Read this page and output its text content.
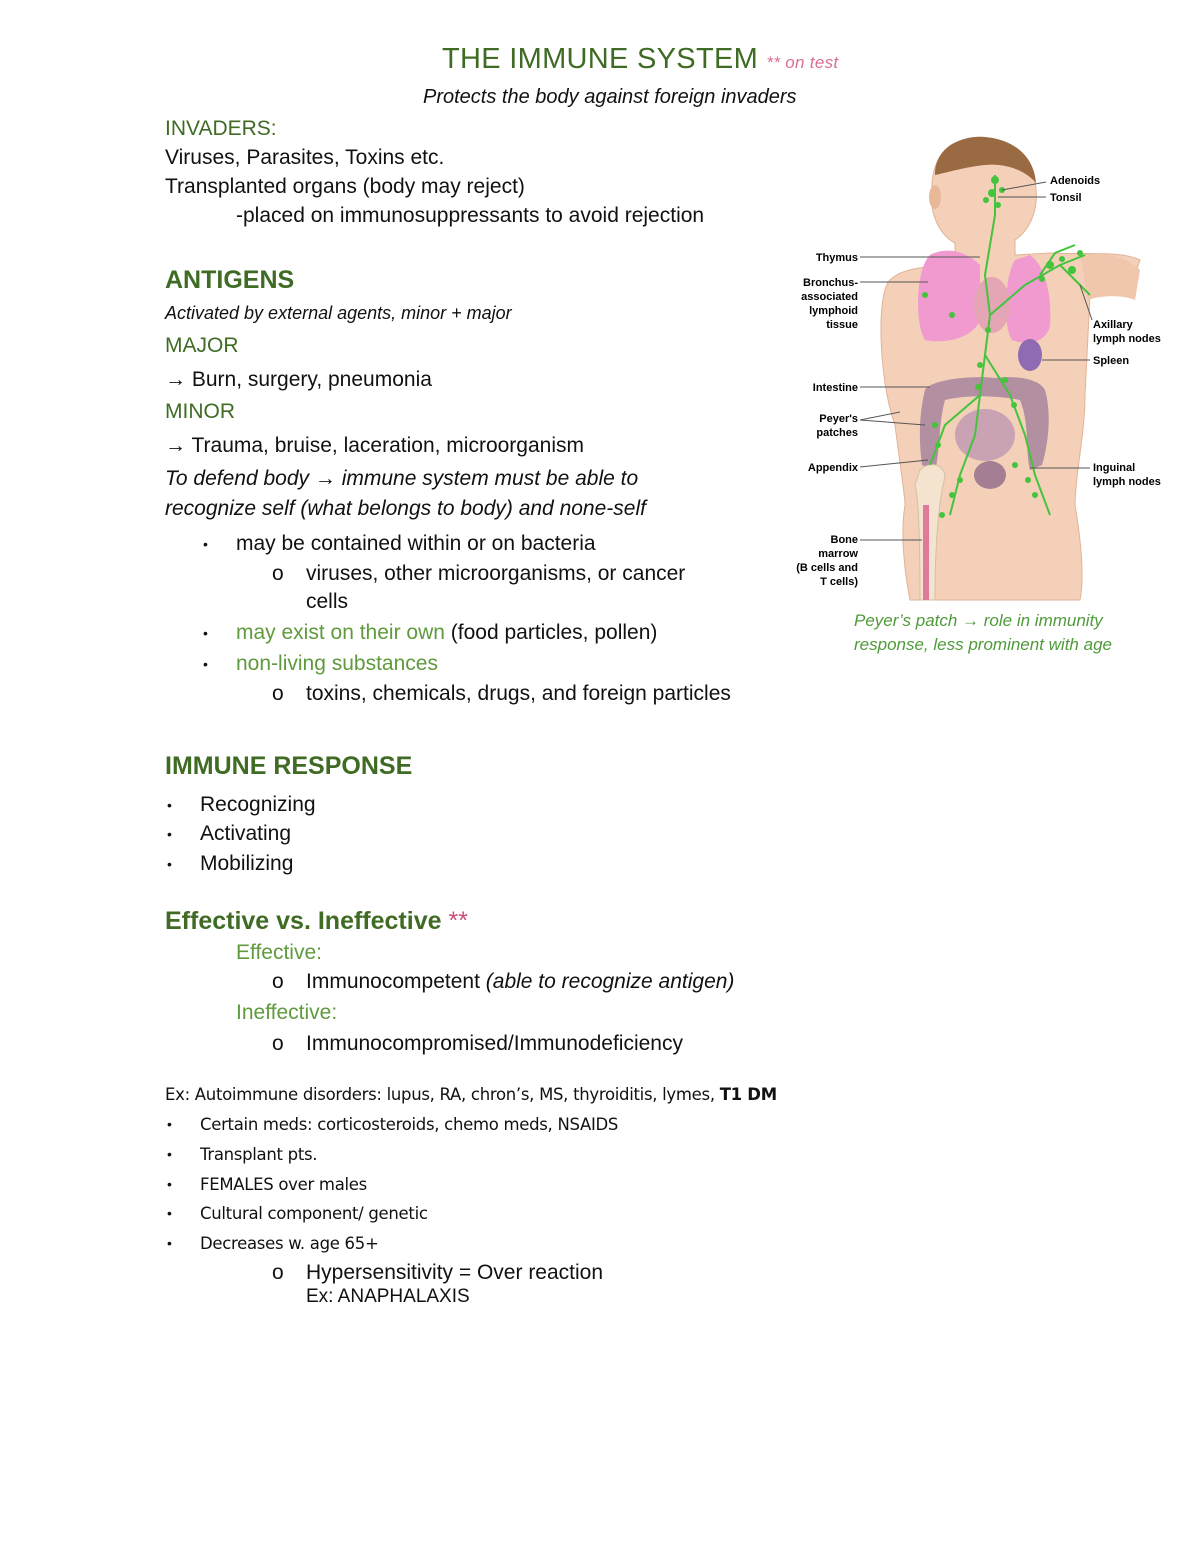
THE IMMUNE SYSTEM ** on test
Protects the body against foreign invaders
INVADERS:
Viruses, Parasites, Toxins etc.
Transplanted organs (body may reject)
-placed on immunosuppressants to avoid rejection
ANTIGENS
Activated by external agents, minor + major
MAJOR
→ Burn, surgery, pneumonia
MINOR
→ Trauma, bruise, laceration, microorganism
To defend body → immune system must be able to
recognize self (what belongs to body) and none-self
• may be contained within or on bacteria
o viruses, other microorganisms, or cancer
cells
• may exist on their own (food particles, pollen)
• non-living substances
o toxins, chemicals, drugs, and foreign particles
Adenoids
Tonsil
Thymus
Bronchus-
associated
lymphoid
tissue	Axillary
lymph nodes
Spleen
Intestine
Peyer's
patches
Appendix	Inguinal
lymph nodes
Bone
marrow
(B cells and
T cells)
Peyer’s patch → role in immunity
response, less prominent with age
IMMUNE RESPONSE
• Recognizing
• Activating
• Mobilizing
Effective vs. Ineffective **
Effective:
o Immunocompetent (able to recognize antigen)
Ineffective:
o Immunocompromised/Immunodeficiency
Ex: Autoimmune disorders: lupus, RA, chron’s, MS, thyroiditis, lymes, T1 DM
• Certain meds: corticosteroids, chemo meds, NSAIDS
• Transplant pts.
• FEMALES over males
• Cultural component/ genetic
• Decreases w. age 65+
o Hypersensitivity = Over reaction
Ex: ANAPHALAXIS
